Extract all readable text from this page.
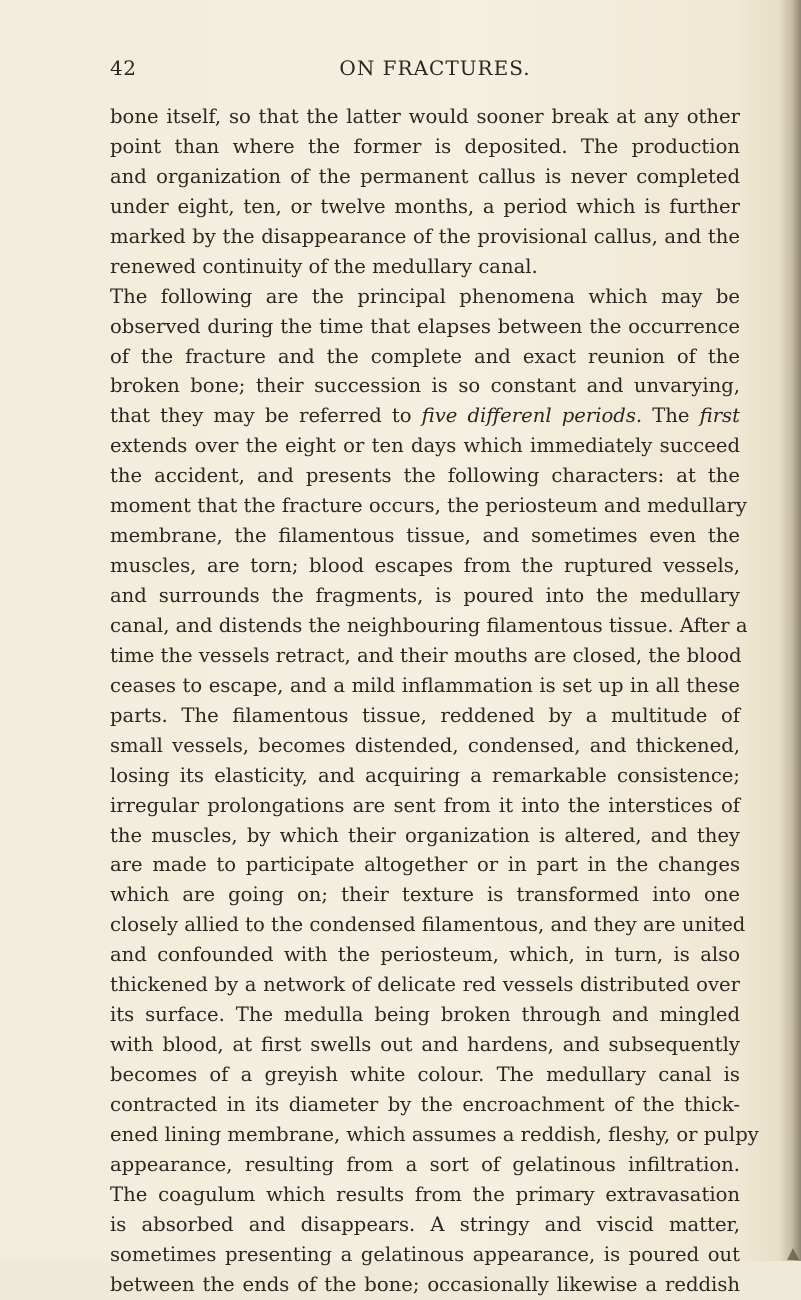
42	ON FRACTURES.
bone itself, so that the latter would sooner break at any other
point than where the former is deposited. The production
and organization of the permanent callus is never completed
under eight, ten, or twelve months, a period which is further
marked by the disappearance of the provisional callus, and the
renewed continuity of the medullary canal.
The following are the principal phenomena which may be
observed during the time that elapses between the occurrence
of the fracture and the complete and exact reunion of the
broken bone; their succession is so constant and unvarying,
that they may be referred to five differenl periods. The first
extends over the eight or ten days which immediately succeed
the accident, and presents the following characters: at the
moment that the fracture occurs, the periosteum and medullary
membrane, the filamentous tissue, and sometimes even the
muscles, are torn; blood escapes from the ruptured vessels,
and surrounds the fragments, is poured into the medullary
canal, and distends the neighbouring filamentous tissue. After a
time the vessels retract, and their mouths are closed, the blood
ceases to escape, and a mild inflammation is set up in all these
parts. The filamentous tissue, reddened by a multitude of
small vessels, becomes distended, condensed, and thickened,
losing its elasticity, and acquiring a remarkable consistence;
irregular prolongations are sent from it into the interstices of
the muscles, by which their organization is altered, and they
are made to participate altogether or in part in the changes
which are going on; their texture is transformed into one
closely allied to the condensed filamentous, and they are united
and confounded with the periosteum, which, in turn, is also
thickened by a network of delicate red vessels distributed over
its surface. The medulla being broken through and mingled
with blood, at first swells out and hardens, and subsequently
becomes of a greyish white colour. The medullary canal is
contracted in its diameter by the encroachment of the thick-
ened lining membrane, which assumes a reddish, fleshy, or pulpy
appearance, resulting from a sort of gelatinous infiltration.
The coagulum which results from the primary extravasation
is absorbed and disappears. A stringy and viscid matter,
sometimes presenting a gelatinous appearance, is poured out
between the ends of the bone; occasionally likewise a reddish
